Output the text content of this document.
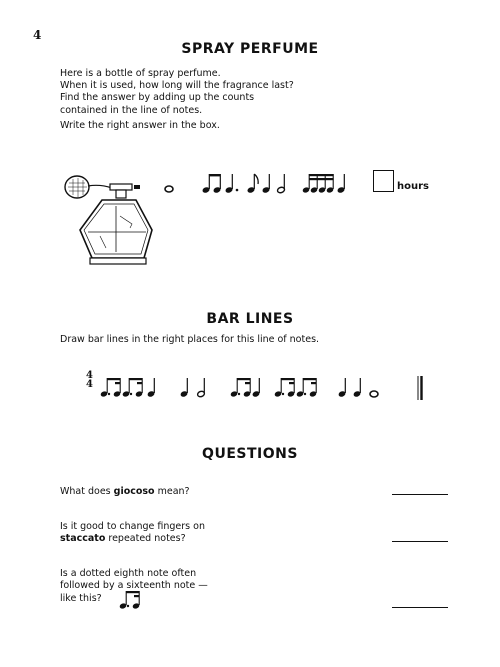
4
SPRAY PERFUME
Here is a bottle of spray perfume.
When it is used, how long will the fragrance last?
Find the answer by adding up the counts
contained in the line of notes.
Write the right answer in the box.
hours
BAR LINES
Draw bar lines in the right places for this line of notes.
4
4
QUESTIONS
What does giocoso mean?
Is it good to change fingers on staccato repeated notes?
Is a dotted eighth note often followed by a sixteenth note — like this?
